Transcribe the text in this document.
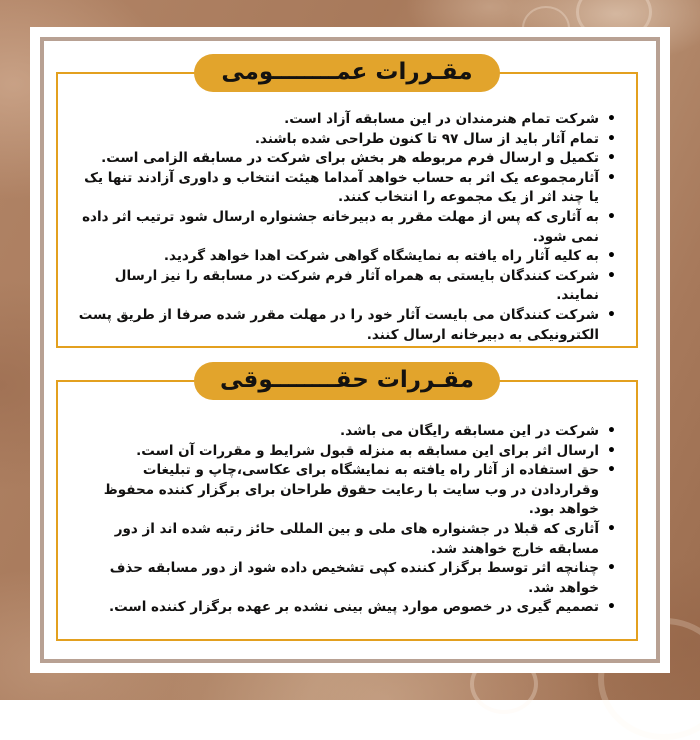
مقـررات عمــــــــومی
• شرکت تمام هنرمندان در این مسابقه آزاد است.
• تمام آثار باید از سال ۹۷ تا کنون طراحی شده باشند.
• تکمیل و ارسال فرم مربوطه هر بخش برای شرکت در مسابقه الزامی است.
• آثارمجموعه یک اثر به حساب خواهد آمداما هیئت انتخاب و داوری آزادند تنها یک یا چند اثر از یک مجموعه را انتخاب کنند.
• به آثاری که پس از مهلت مقرر به دبیرخانه جشنواره ارسال شود ترتیب اثر داده نمی شود.
• به کلیه آثار راه یافته به نمایشگاه گواهی شرکت اهدا خواهد گردید.
• شرکت کنندگان بایستی به همراه آثار فرم شرکت در مسابقه را نیز ارسال نمایند.
• شرکت کنندگان می بایست آثار خود را در مهلت مقرر شده صرفا از طریق پست الکترونیکی به دبیرخانه ارسال کنند.
مقـررات حقــــــــوقی
• شرکت در این مسابقه رایگان می باشد.
• ارسال اثر برای این مسابقه به منزله قبول شرایط و مقررات آن است.
• حق استفاده از آثار راه یافته به نمایشگاه برای عکاسی،چاپ و تبلیغات وقراردادن در وب سایت با رعایت حقوق طراحان برای برگزار کننده محفوظ خواهد بود.
• آثاری که قبلا در جشنواره های ملی و بین المللی حائز رتبه شده اند از دور مسابقه خارج خواهند شد.
• چنانچه اثر توسط برگزار کننده کپی تشخیص داده شود از دور مسابقه حذف خواهد شد.
• تصمیم گیری در خصوص موارد پیش بینی نشده بر عهده برگزار کننده است.
